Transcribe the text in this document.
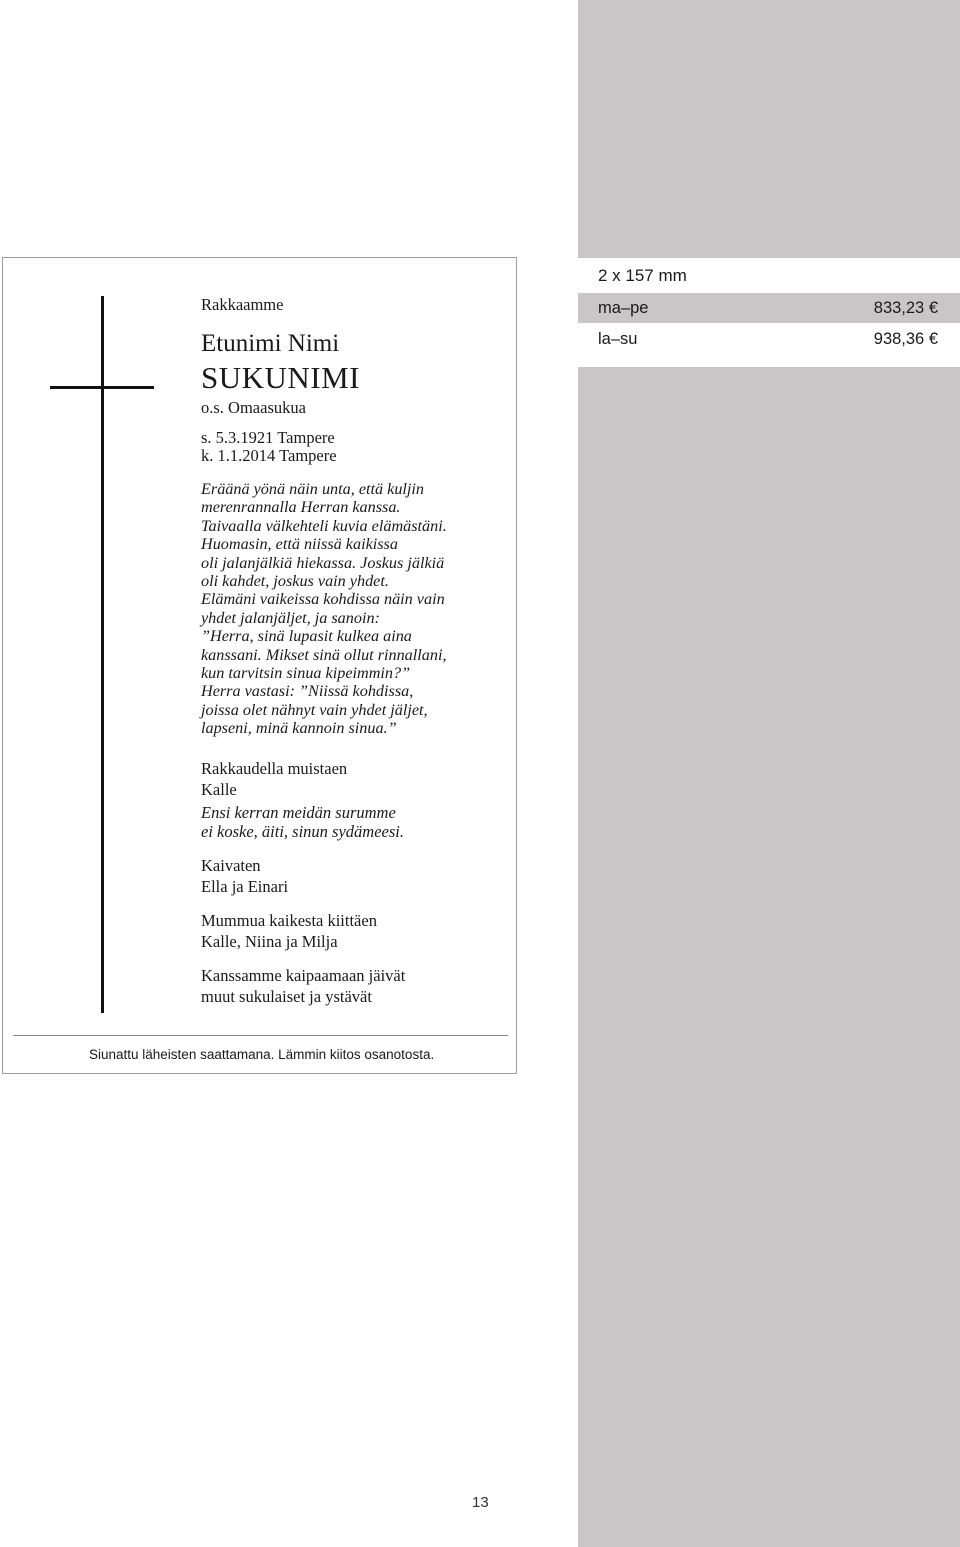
2 x 157 mm
ma–pe	833,23 €
la–su	938,36 €
Rakkaamme
Etunimi Nimi
SUKUNIMI
o.s. Omaasukua
s. 5.3.1921 Tampere
k. 1.1.2014 Tampere
Eräänä yönä näin unta, että kuljin
merenrannalla Herran kanssa.
Taivaalla välkehteli kuvia elämästäni.
Huomasin, että niissä kaikissa
oli jalanjälkiä hiekassa. Joskus jälkiä
oli kahdet, joskus vain yhdet.
Elämäni vaikeissa kohdissa näin vain
yhdet jalanjäljet, ja sanoin:
”Herra, sinä lupasit kulkea aina
kanssani. Mikset sinä ollut rinnallani,
kun tarvitsin sinua kipeimmin?”
Herra vastasi: ”Niissä kohdissa,
joissa olet nähnyt vain yhdet jäljet,
lapseni, minä kannoin sinua.”
Rakkaudella muistaen
Kalle
Ensi kerran meidän surumme
ei koske, äiti, sinun sydämeesi.
Kaivaten
Ella ja Einari
Mummua kaikesta kiittäen
Kalle, Niina ja Milja
Kanssamme kaipaamaan jäivät
muut sukulaiset ja ystävät
Siunattu läheisten saattamana. Lämmin kiitos osanotosta.
13
